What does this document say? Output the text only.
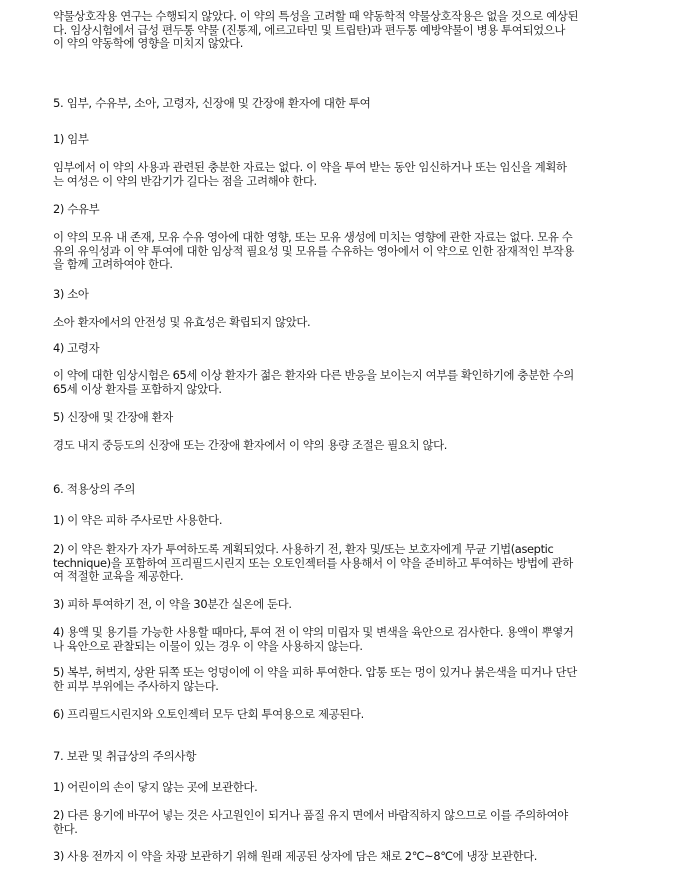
약물상호작용 연구는 수행되지 않았다. 이 약의 특성을 고려할 때 약동학적 약물상호작용은 없을 것으로 예상된
다. 임상시험에서 급성 편두통 약물 (진통제, 에르고타민 및 트립탄)과 편두통 예방약물이 병용 투여되었으나
이 약의 약동학에 영향을 미치지 않았다.

5. 임부, 수유부, 소아, 고령자, 신장애 및 간장애 환자에 대한 투여

1) 임부

임부에서 이 약의 사용과 관련된 충분한 자료는 없다. 이 약을 투여 받는 동안 임신하거나 또는 임신을 계획하
는 여성은 이 약의 반감기가 길다는 점을 고려해야 한다.

2) 수유부

이 약의 모유 내 존재, 모유 수유 영아에 대한 영향, 또는 모유 생성에 미치는 영향에 관한 자료는 없다. 모유 수
유의 유익성과 이 약 투여에 대한 임상적 필요성 및 모유를 수유하는 영아에서 이 약으로 인한 잠재적인 부작용
을 함께 고려하여야 한다.

3) 소아

소아 환자에서의 안전성 및 유효성은 확립되지 않았다.

4) 고령자

이 약에 대한 임상시험은 65세 이상 환자가 젊은 환자와 다른 반응을 보이는지 여부를 확인하기에 충분한 수의
65세 이상 환자를 포함하지 않았다.

5) 신장애 및 간장애 환자

경도 내지 중등도의 신장애 또는 간장애 환자에서 이 약의 용량 조절은 필요치 않다.

6. 적용상의 주의

1) 이 약은 피하 주사로만 사용한다.

2) 이 약은 환자가 자가 투여하도록 계획되었다. 사용하기 전, 환자 및/또는 보호자에게 무균 기법(aseptic
technique)을 포함하여 프리필드시린지 또는 오토인젝터를 사용해서 이 약을 준비하고 투여하는 방법에 관하
여 적절한 교육을 제공한다.

3) 피하 투여하기 전, 이 약을 30분간 실온에 둔다.

4) 용액 및 용기를 가능한 사용할 때마다, 투여 전 이 약의 미립자 및 변색을 육안으로 검사한다. 용액이 뿌옇거
나 육안으로 관찰되는 이물이 있는 경우 이 약을 사용하지 않는다.

5) 복부, 허벅지, 상완 뒤쪽 또는 엉덩이에 이 약을 피하 투여한다. 압통 또는 멍이 있거나 붉은색을 띠거나 단단
한 피부 부위에는 주사하지 않는다.

6) 프리필드시린지와 오토인젝터 모두 단회 투여용으로 제공된다.

7. 보관 및 취급상의 주의사항

1) 어린이의 손이 닿지 않는 곳에 보관한다.

2) 다른 용기에 바꾸어 넣는 것은 사고원인이 되거나 품질 유지 면에서 바람직하지 않으므로 이를 주의하여야
한다.

3) 사용 전까지 이 약을 차광 보관하기 위해 원래 제공된 상자에 담은 채로 2℃~8℃에 냉장 보관한다.
